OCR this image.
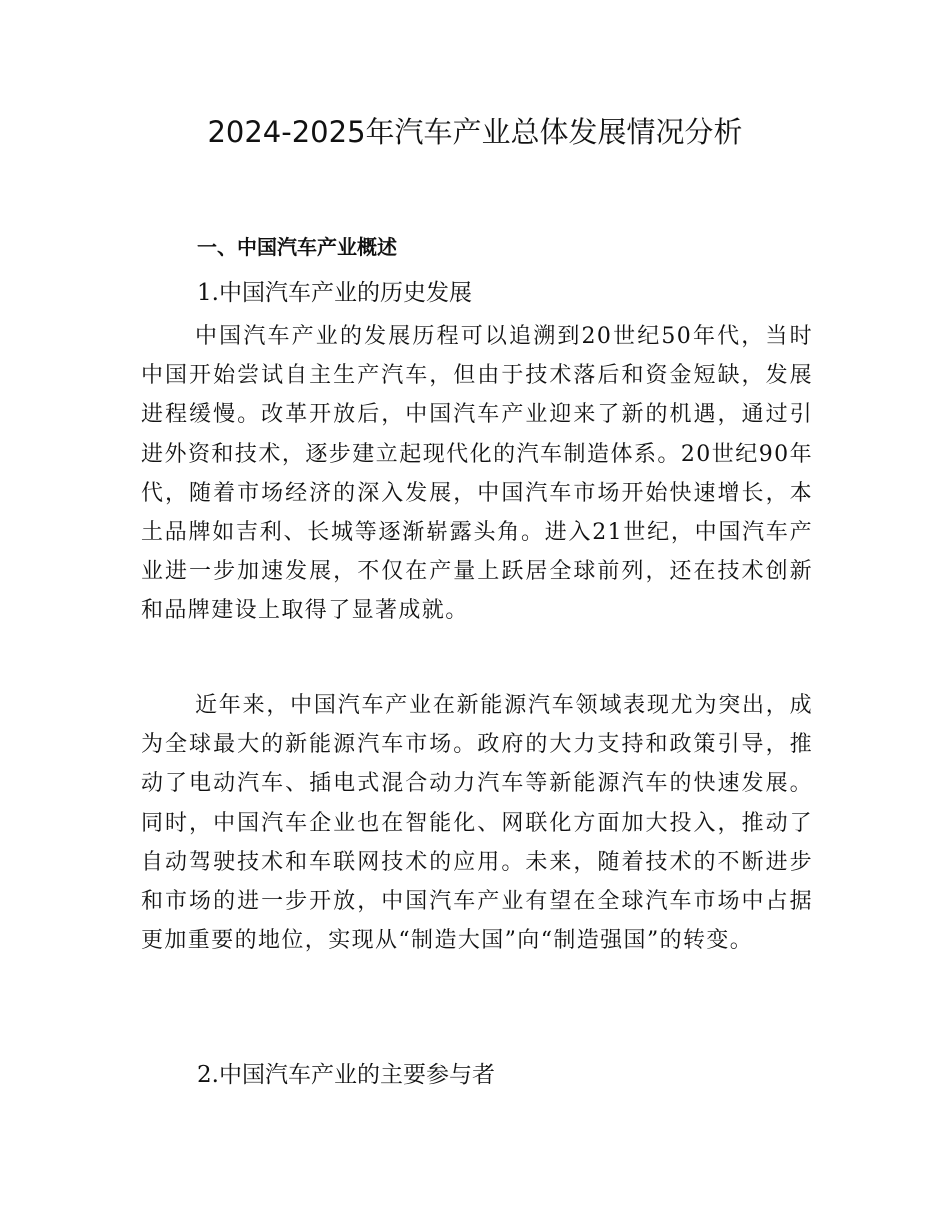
2024-2025年汽车产业总体发展情况分析
一、中国汽车产业概述
1.中国汽车产业的历史发展

中国汽车产业的发展历程可以追溯到20世纪50年代，当时中国开始尝试自主生产汽车，但由于技术落后和资金短缺，发展进程缓慢。改革开放后，中国汽车产业迎来了新的机遇，通过引进外资和技术，逐步建立起现代化的汽车制造体系。20世纪90年代，随着市场经济的深入发展，中国汽车市场开始快速增长，本土品牌如吉利、长城等逐渐崭露头角。进入21世纪，中国汽车产业进一步加速发展，不仅在产量上跃居全球前列，还在技术创新和品牌建设上取得了显著成就。

近年来，中国汽车产业在新能源汽车领域表现尤为突出，成为全球最大的新能源汽车市场。政府的大力支持和政策引导，推动了电动汽车、插电式混合动力汽车等新能源汽车的快速发展。同时，中国汽车企业也在智能化、网联化方面加大投入，推动了自动驾驶技术和车联网技术的应用。未来，随着技术的不断进步和市场的进一步开放，中国汽车产业有望在全球汽车市场中占据更加重要的地位，实现从“制造大国”向“制造强国”的转变。

2.中国汽车产业的主要参与者
